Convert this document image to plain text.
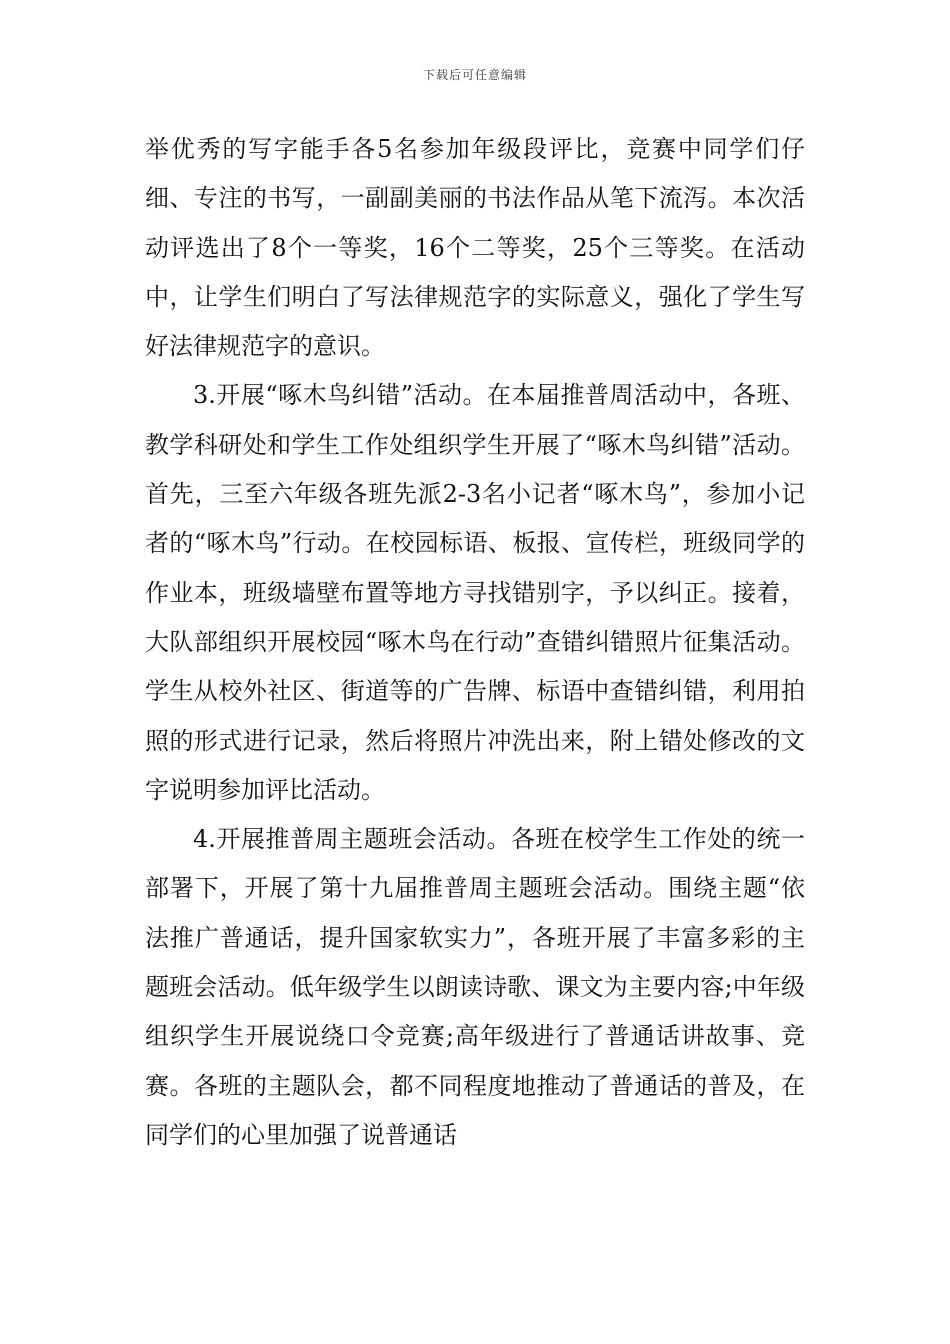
下载后可任意编辑

举优秀的写字能手各5名参加年级段评比，竞赛中同学们仔细、专注的书写，一副副美丽的书法作品从笔下流泻。本次活动评选出了8个一等奖，16个二等奖，25个三等奖。在活动中，让学生们明白了写法律规范字的实际意义，强化了学生写好法律规范字的意识。

3.开展“啄木鸟纠错”活动。在本届推普周活动中，各班、教学科研处和学生工作处组织学生开展了“啄木鸟纠错”活动。首先，三至六年级各班先派2-3名小记者“啄木鸟”，参加小记者的“啄木鸟”行动。在校园标语、板报、宣传栏，班级同学的作业本，班级墙壁布置等地方寻找错别字，予以纠正。接着，大队部组织开展校园“啄木鸟在行动”查错纠错照片征集活动。学生从校外社区、街道等的广告牌、标语中查错纠错，利用拍照的形式进行记录，然后将照片冲洗出来，附上错处修改的文字说明参加评比活动。

4.开展推普周主题班会活动。各班在校学生工作处的统一部署下，开展了第十九届推普周主题班会活动。围绕主题“依法推广普通话，提升国家软实力”，各班开展了丰富多彩的主题班会活动。低年级学生以朗读诗歌、课文为主要内容;中年级组织学生开展说绕口令竞赛;高年级进行了普通话讲故事、竞赛。各班的主题队会，都不同程度地推动了普通话的普及，在同学们的心里加强了说普通话
